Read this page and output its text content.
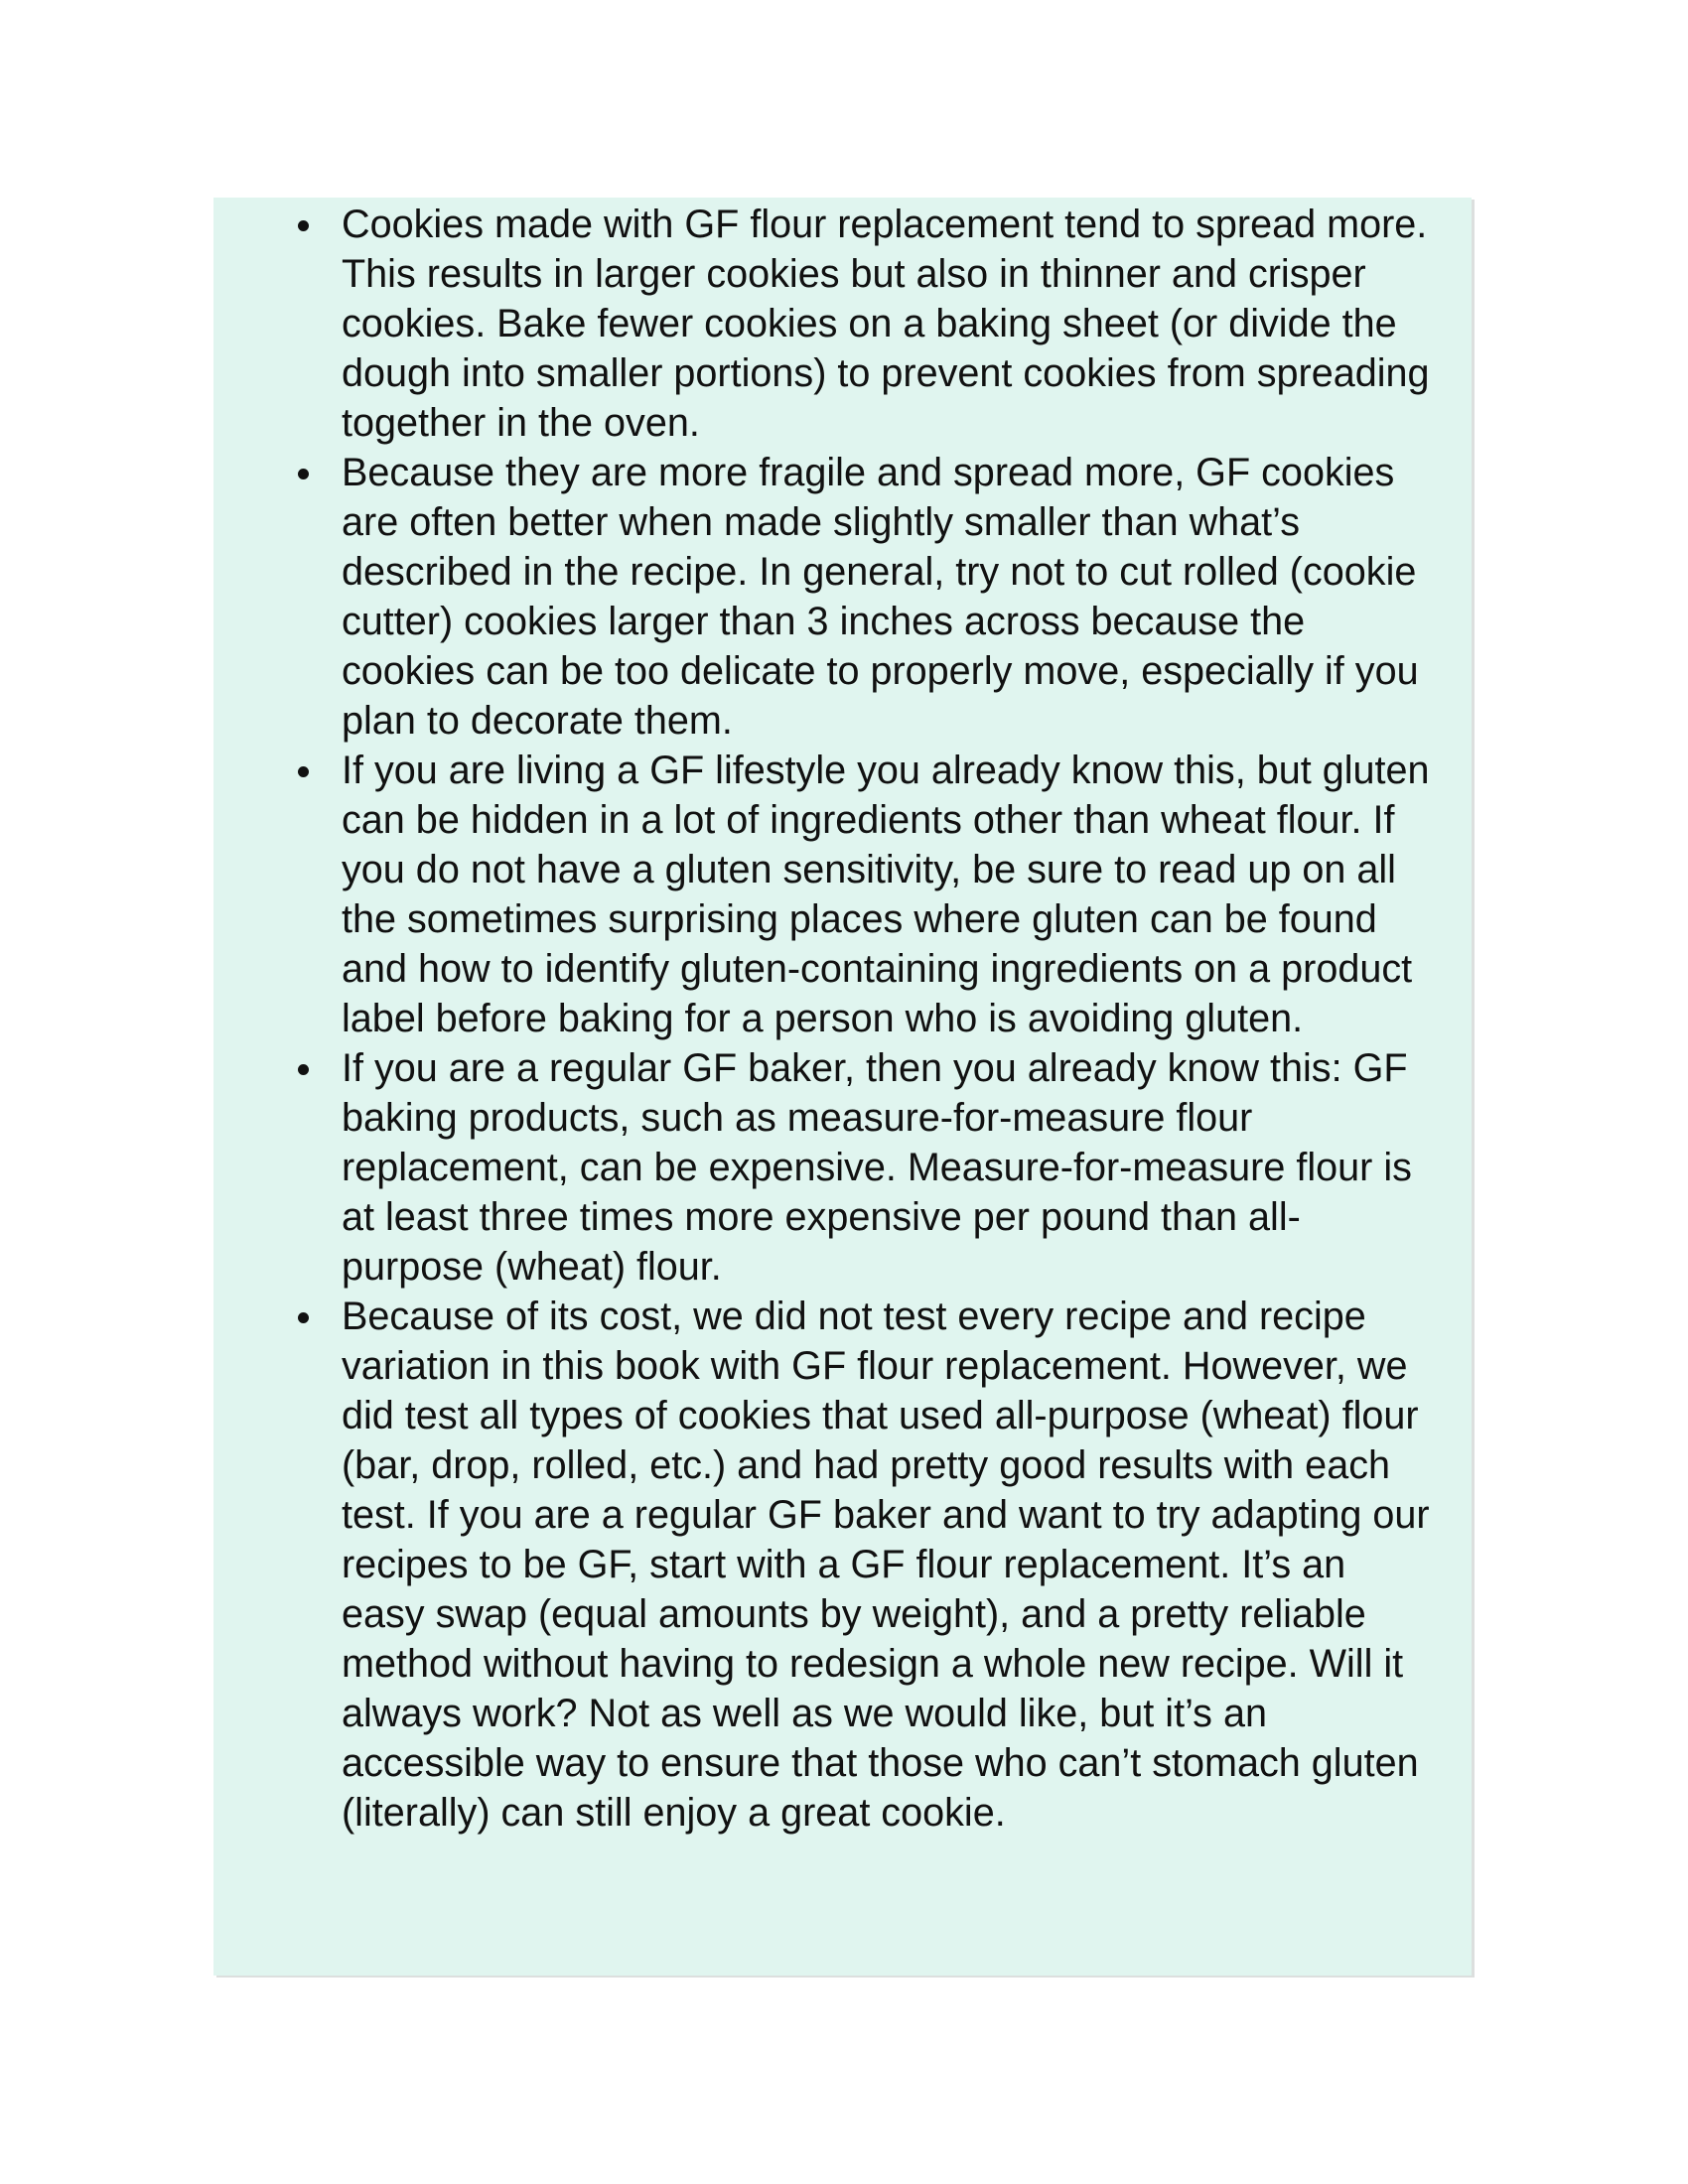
Cookies made with GF flour replacement tend to spread more. This results in larger cookies but also in thinner and crisper cookies. Bake fewer cookies on a baking sheet (or divide the dough into smaller portions) to prevent cookies from spreading together in the oven.
Because they are more fragile and spread more, GF cookies are often better when made slightly smaller than what’s described in the recipe. In general, try not to cut rolled (cookie cutter) cookies larger than 3 inches across because the cookies can be too delicate to properly move, especially if you plan to decorate them.
If you are living a GF lifestyle you already know this, but gluten can be hidden in a lot of ingredients other than wheat flour. If you do not have a gluten sensitivity, be sure to read up on all the sometimes surprising places where gluten can be found and how to identify gluten-containing ingredients on a product label before baking for a person who is avoiding gluten.
If you are a regular GF baker, then you already know this: GF baking products, such as measure-for-measure flour replacement, can be expensive. Measure-for-measure flour is at least three times more expensive per pound than all-purpose (wheat) flour.
Because of its cost, we did not test every recipe and recipe variation in this book with GF flour replacement. However, we did test all types of cookies that used all-purpose (wheat) flour (bar, drop, rolled, etc.) and had pretty good results with each test. If you are a regular GF baker and want to try adapting our recipes to be GF, start with a GF flour replacement. It’s an easy swap (equal amounts by weight), and a pretty reliable method without having to redesign a whole new recipe. Will it always work? Not as well as we would like, but it’s an accessible way to ensure that those who can’t stomach gluten (literally) can still enjoy a great cookie.
